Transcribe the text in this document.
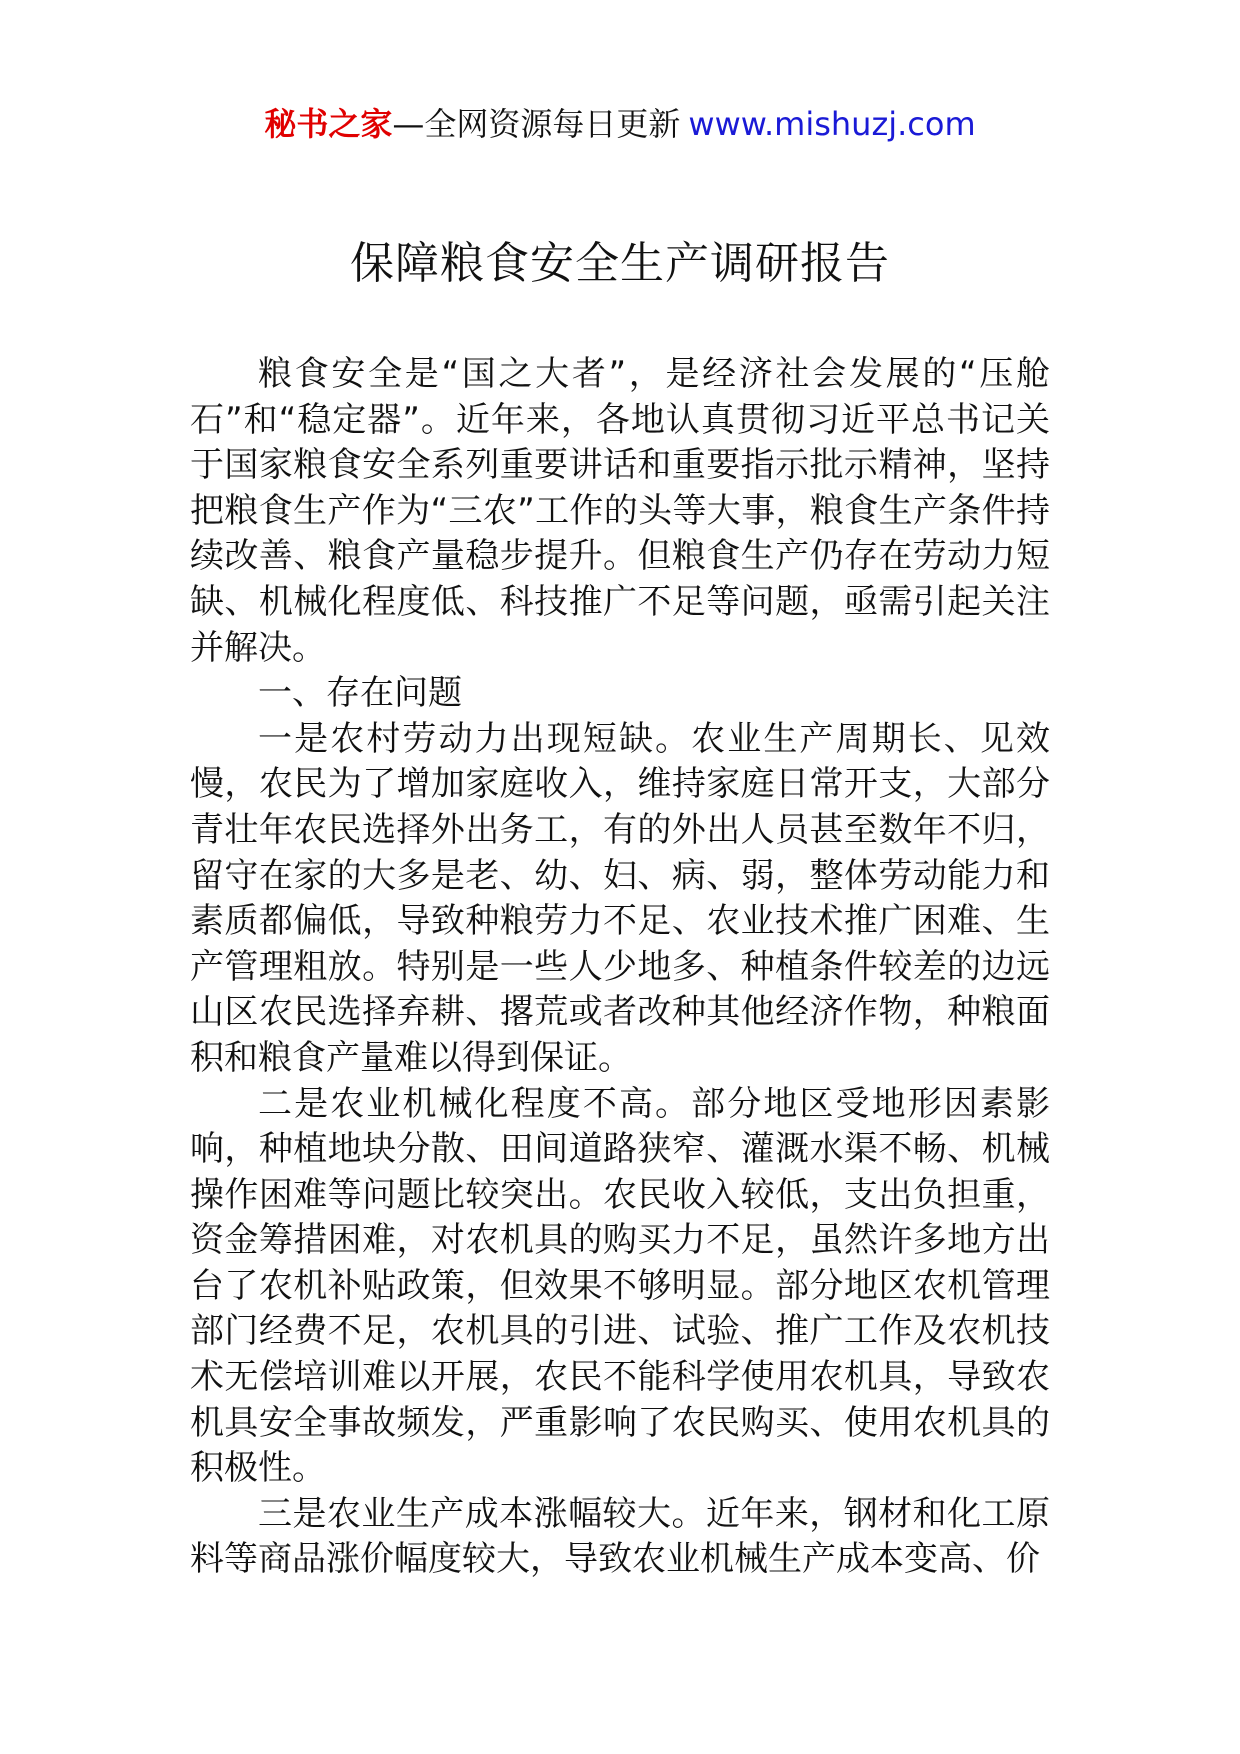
秘书之家—全网资源每日更新 www.mishuzj.com
保障粮食安全生产调研报告

粮食安全是“国之大者”，是经济社会发展的“压舱石”和“稳定器”。近年来，各地认真贯彻习近平总书记关于国家粮食安全系列重要讲话和重要指示批示精神，坚持把粮食生产作为“三农”工作的头等大事，粮食生产条件持续改善、粮食产量稳步提升。但粮食生产仍存在劳动力短缺、机械化程度低、科技推广不足等问题，亟需引起关注并解决。

一、存在问题

一是农村劳动力出现短缺。农业生产周期长、见效慢，农民为了增加家庭收入，维持家庭日常开支，大部分青壮年农民选择外出务工，有的外出人员甚至数年不归，留守在家的大多是老、幼、妇、病、弱，整体劳动能力和素质都偏低，导致种粮劳力不足、农业技术推广困难、生产管理粗放。特别是一些人少地多、种植条件较差的边远山区农民选择弃耕、撂荒或者改种其他经济作物，种粮面积和粮食产量难以得到保证。

二是农业机械化程度不高。部分地区受地形因素影响，种植地块分散、田间道路狭窄、灌溉水渠不畅、机械操作困难等问题比较突出。农民收入较低，支出负担重，资金筹措困难，对农机具的购买力不足，虽然许多地方出台了农机补贴政策，但效果不够明显。部分地区农机管理部门经费不足，农机具的引进、试验、推广工作及农机技术无偿培训难以开展，农民不能科学使用农机具，导致农机具安全事故频发，严重影响了农民购买、使用农机具的积极性。

三是农业生产成本涨幅较大。近年来，钢材和化工原料等商品涨价幅度较大，导致农业机械生产成本变高、价
